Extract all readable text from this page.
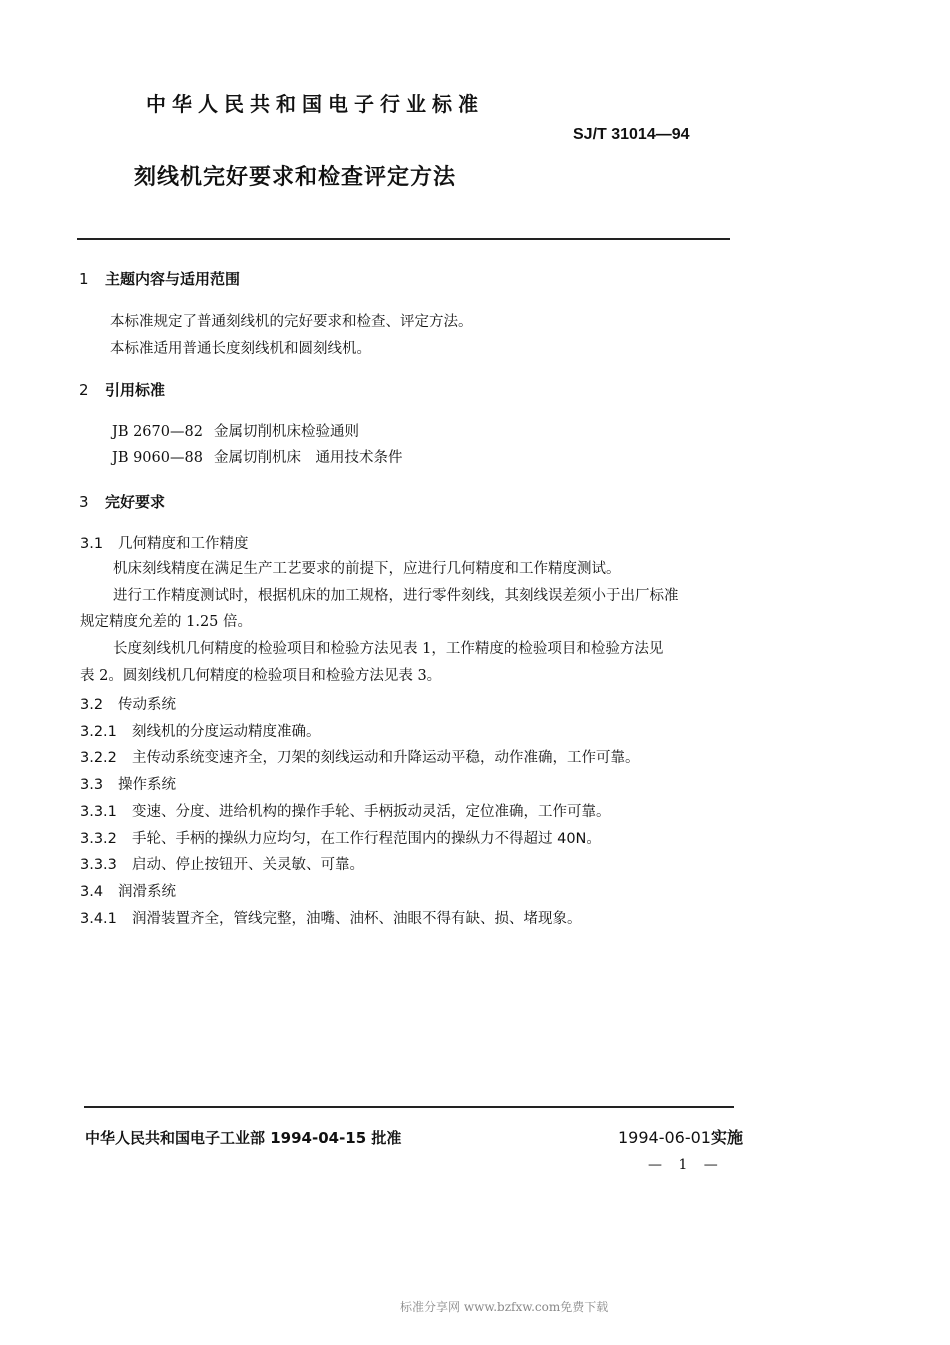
中华人民共和国电子行业标准
SJ/T 31014—94
刻线机完好要求和检查评定方法
1 主题内容与适用范围
本标准规定了普通刻线机的完好要求和检查、评定方法。
本标准适用普通长度刻线机和圆刻线机。
2 引用标准
JB 2670—82 金属切削机床检验通则
JB 9060—88 金属切削机床　通用技术条件
3 完好要求
3.1 几何精度和工作精度
机床刻线精度在满足生产工艺要求的前提下，应进行几何精度和工作精度测试。
进行工作精度测试时，根据机床的加工规格，进行零件刻线，其刻线误差须小于出厂标准
规定精度允差的 1.25 倍。
长度刻线机几何精度的检验项目和检验方法见表 1，工作精度的检验项目和检验方法见
表 2。圆刻线机几何精度的检验项目和检验方法见表 3。
3.2 传动系统
3.2.1 刻线机的分度运动精度准确。
3.2.2 主传动系统变速齐全，刀架的刻线运动和升降运动平稳，动作准确，工作可靠。
3.3 操作系统
3.3.1 变速、分度、进给机构的操作手轮、手柄扳动灵活，定位准确，工作可靠。
3.3.2 手轮、手柄的操纵力应均匀，在工作行程范围内的操纵力不得超过 40N。
3.3.3 启动、停止按钮开、关灵敏、可靠。
3.4 润滑系统
3.4.1 润滑装置齐全，管线完整，油嘴、油杯、油眼不得有缺、损、堵现象。
中华人民共和国电子工业部 1994-04-15 批准	1994-06-01实施
— 1 —
标准分享网 www.bzfxw.com免费下载
